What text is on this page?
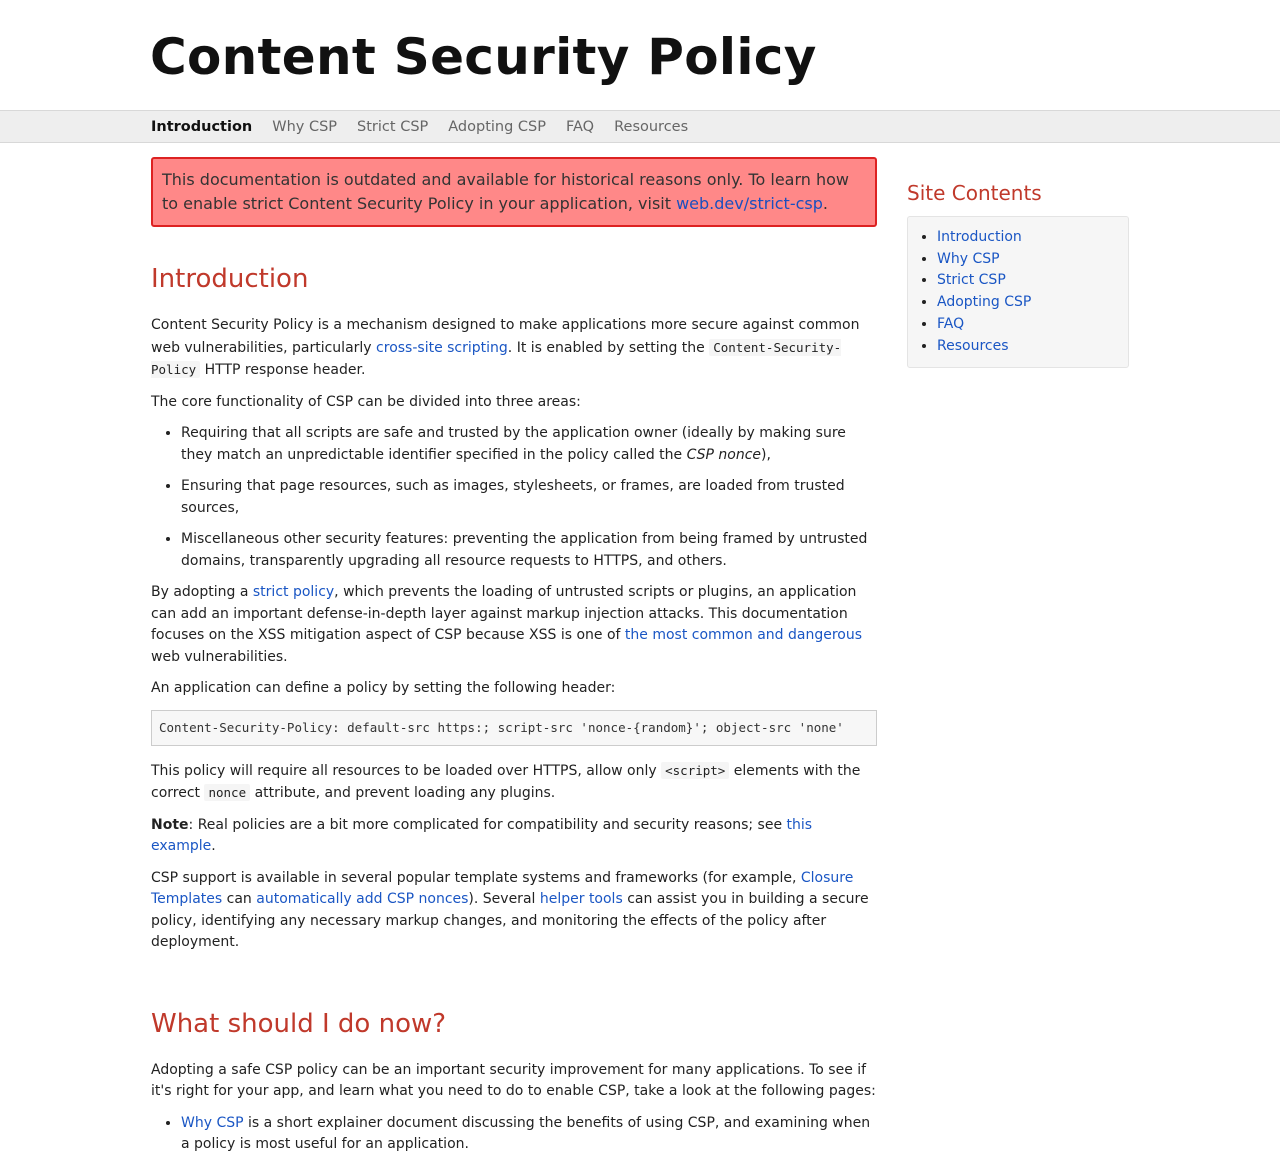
Content Security Policy
Introduction Why CSP Strict CSP Adopting CSP FAQ Resources
This documentation is outdated and available for historical reasons only. To learn how to enable strict Content Security Policy in your application, visit web.dev/strict-csp.
Introduction

Content Security Policy is a mechanism designed to make applications more secure against common web vulnerabilities, particularly cross-site scripting. It is enabled by setting the Content-Security-Policy HTTP response header.

The core functionality of CSP can be divided into three areas:

• Requiring that all scripts are safe and trusted by the application owner (ideally by making sure they match an unpredictable identifier specified in the policy called the CSP nonce),
• Ensuring that page resources, such as images, stylesheets, or frames, are loaded from trusted sources,
• Miscellaneous other security features: preventing the application from being framed by untrusted domains, transparently upgrading all resource requests to HTTPS, and others.

By adopting a strict policy, which prevents the loading of untrusted scripts or plugins, an application can add an important defense-in-depth layer against markup injection attacks. This documentation focuses on the XSS mitigation aspect of CSP because XSS is one of the most common and dangerous web vulnerabilities.

An application can define a policy by setting the following header:

Content-Security-Policy: default-src https:; script-src 'nonce-{random}'; object-src 'none'

This policy will require all resources to be loaded over HTTPS, allow only <script> elements with the correct nonce attribute, and prevent loading any plugins.

Note: Real policies are a bit more complicated for compatibility and security reasons; see this example.

CSP support is available in several popular template systems and frameworks (for example, Closure Templates can automatically add CSP nonces). Several helper tools can assist you in building a secure policy, identifying any necessary markup changes, and monitoring the effects of the policy after deployment.

What should I do now?

Adopting a safe CSP policy can be an important security improvement for many applications. To see if it's right for your app, and learn what you need to do to enable CSP, take a look at the following pages:

• Why CSP is a short explainer document discussing the benefits of using CSP, and examining when a policy is most useful for an application.
Site Contents
• Introduction
• Why CSP
• Strict CSP
• Adopting CSP
• FAQ
• Resources
